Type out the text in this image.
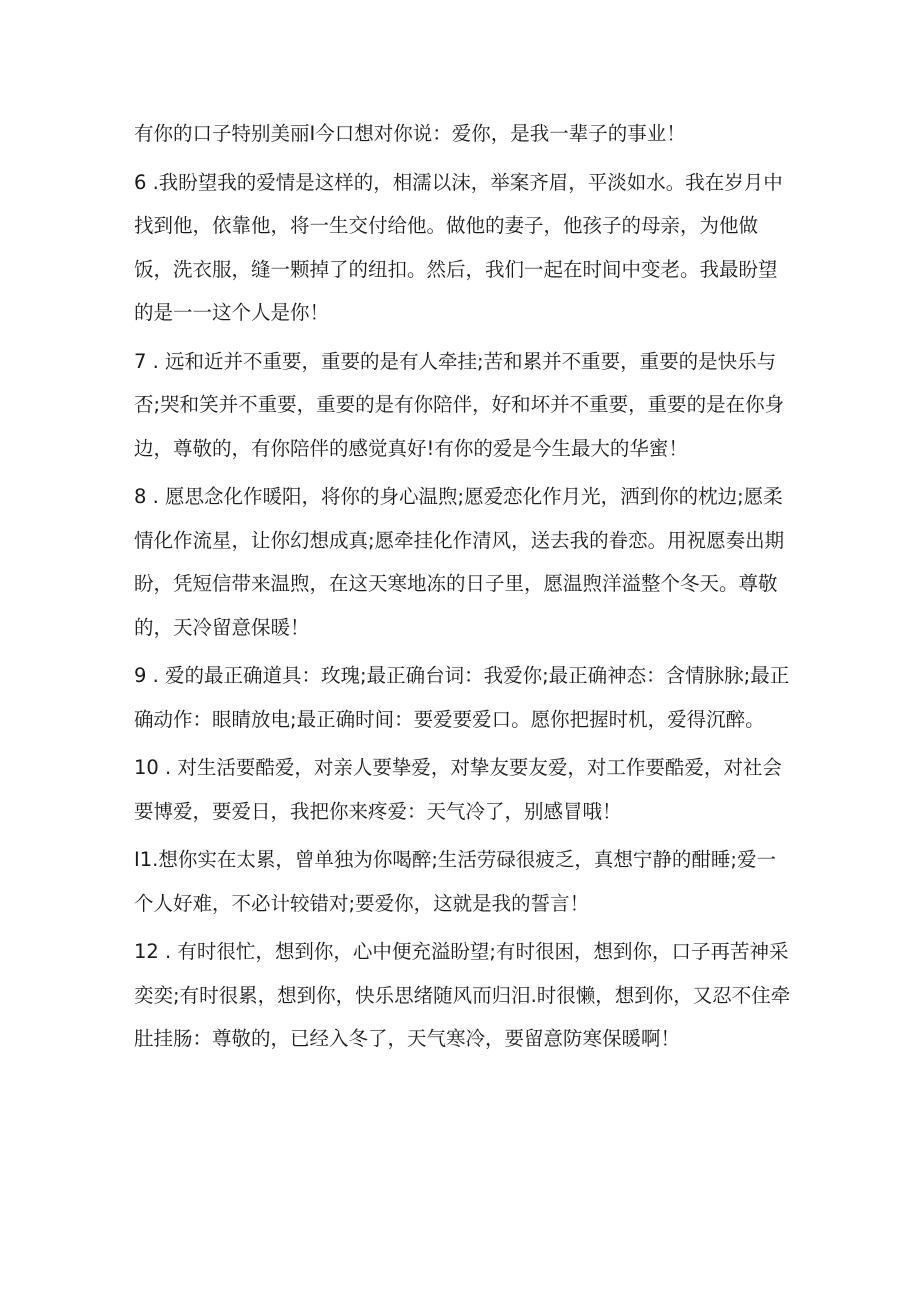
有你的口子特别美丽I今口想对你说：爱你，是我一辈子的事业！

6 .我盼望我的爱情是这样的，相濡以沫，举案齐眉，平淡如水。我在岁月中找到他，依靠他，将一生交付给他。做他的妻子，他孩子的母亲，为他做饭，洗衣服，缝一颗掉了的纽扣。然后，我们一起在时间中变老。我最盼望的是一一这个人是你！

7 . 远和近并不重要，重要的是有人牵挂;苦和累并不重要，重要的是快乐与否;哭和笑并不重要，重要的是有你陪伴，好和坏并不重要，重要的是在你身边，尊敬的，有你陪伴的感觉真好!有你的爱是今生最大的华蜜！

8 . 愿思念化作暖阳，将你的身心温煦;愿爱恋化作月光，洒到你的枕边;愿柔情化作流星，让你幻想成真;愿牵挂化作清风，送去我的眷恋。用祝愿奏出期盼，凭短信带来温煦，在这天寒地冻的日子里，愿温煦洋溢整个冬天。尊敬的，天冷留意保暖！

9 . 爱的最正确道具：玫瑰;最正确台词：我爱你;最正确神态：含情脉脉;最正确动作：眼睛放电;最正确时间：要爱要爱口。愿你把握时机，爱得沉醉。

10 . 对生活要酷爱，对亲人要挚爱，对挚友要友爱，对工作要酷爱，对社会要博爱，要爱日，我把你来疼爱：天气冷了，别感冒哦！

I1.想你实在太累，曾单独为你喝醉;生活劳碌很疲乏，真想宁静的酣睡;爱一个人好难，不必计较错对;要爱你，这就是我的誓言！

12 . 有时很忙，想到你，心中便充溢盼望;有时很困，想到你，口子再苦神采奕奕;有时很累，想到你，快乐思绪随风而归汨.时很懒，想到你，又忍不住牵肚挂肠：尊敬的，已经入冬了，天气寒冷，要留意防寒保暖啊！
